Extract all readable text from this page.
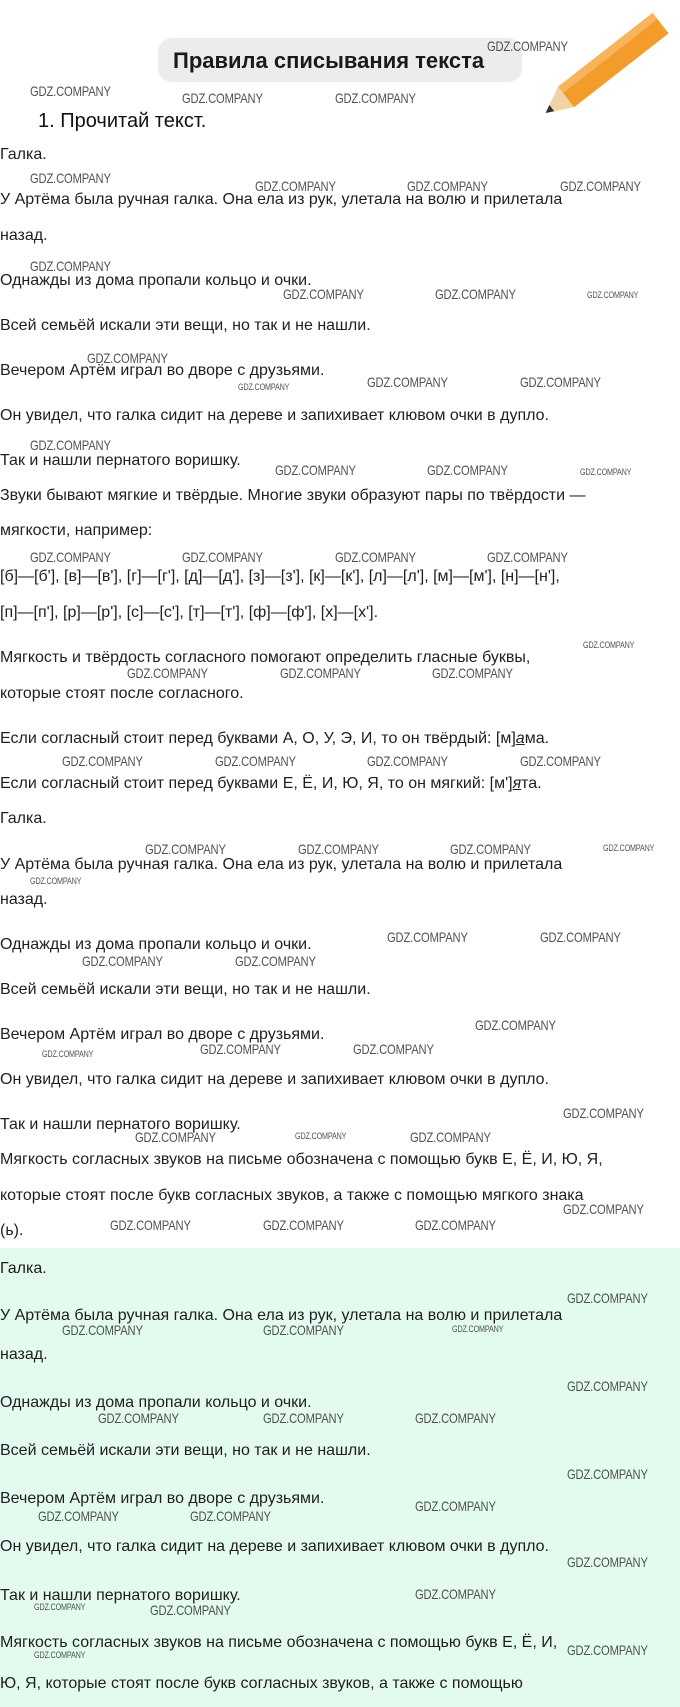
Правила списывания текста
1. Прочитай текст.
Галка.
У Артёма была ручная галка. Она ела из рук, улетала на волю и прилетала
назад.
Однажды из дома пропали кольцо и очки.
Всей семьёй искали эти вещи, но так и не нашли.
Вечером Артём играл во дворе с друзьями.
Он увидел, что галка сидит на дереве и запихивает клювом очки в дупло.
Так и нашли пернатого воришку.
Звуки бывают мягкие и твёрдые. Многие звуки образуют пары по твёрдости —
мягкости, например:
[б]—[б'], [в]—[в'], [г]—[г'], [д]—[д'], [з]—[з'], [к]—[к'], [л]—[л'], [м]—[м'], [н]—[н'],
[п]—[п'], [р]—[р'], [с]—[с'], [т]—[т'], [ф]—[ф'], [х]—[х'].
Мягкость и твёрдость согласного помогают определить гласные буквы,
которые стоят после согласного.
Если согласный стоит перед буквами А, О, У, Э, И, то он твёрдый: [м]ама.
Если согласный стоит перед буквами Е, Ё, И, Ю, Я, то он мягкий: [м']ята.
Галка.
У Артёма была ручная галка. Она ела из рук, улетала на волю и прилетала
назад.
Однажды из дома пропали кольцо и очки.
Всей семьёй искали эти вещи, но так и не нашли.
Вечером Артём играл во дворе с друзьями.
Он увидел, что галка сидит на дереве и запихивает клювом очки в дупло.
Так и нашли пернатого воришку.
Мягкость согласных звуков на письме обозначена с помощью букв Е, Ё, И, Ю, Я,
которые стоят после букв согласных звуков, а также с помощью мягкого знака
(ь).
Галка.
У Артёма была ручная галка. Она ела из рук, улетала на волю и прилетала
назад.
Однажды из дома пропали кольцо и очки.
Всей семьёй искали эти вещи, но так и не нашли.
Вечером Артём играл во дворе с друзьями.
Он увидел, что галка сидит на дереве и запихивает клювом очки в дупло.
Так и нашли пернатого воришку.
Мягкость согласных звуков на письме обозначена с помощью букв Е, Ё, И,
Ю, Я, которые стоят после букв согласных звуков, а также с помощью
GDZ.COMPANY
GDZ.COMPANY	GDZ.COMPANY	GDZ.COMPANY
GDZ.COMPANY	GDZ.COMPANY	GDZ.COMPANY	GDZ.COMPANY
GDZ.COMPANY
GDZ.COMPANY	GDZ.COMPANY	GDZ.COMPANY
GDZ.COMPANY
GDZ.COMPANY	GDZ.COMPANY	GDZ.COMPANY
GDZ.COMPANY
GDZ.COMPANY	GDZ.COMPANY	GDZ.COMPANY
GDZ.COMPANY	GDZ.COMPANY	GDZ.COMPANY	GDZ.COMPANY
GDZ.COMPANY
GDZ.COMPANY	GDZ.COMPANY	GDZ.COMPANY
GDZ.COMPANY	GDZ.COMPANY	GDZ.COMPANY	GDZ.COMPANY
GDZ.COMPANY	GDZ.COMPANY	GDZ.COMPANY	GDZ.COMPANY
GDZ.COMPANY
GDZ.COMPANY	GDZ.COMPANY
GDZ.COMPANY	GDZ.COMPANY
GDZ.COMPANY
GDZ.COMPANY	GDZ.COMPANY	GDZ.COMPANY
GDZ.COMPANY
GDZ.COMPANY	GDZ.COMPANY	GDZ.COMPANY
GDZ.COMPANY
GDZ.COMPANY	GDZ.COMPANY	GDZ.COMPANY
GDZ.COMPANY
GDZ.COMPANY	GDZ.COMPANY	GDZ.COMPANY
GDZ.COMPANY
GDZ.COMPANY	GDZ.COMPANY	GDZ.COMPANY
GDZ.COMPANY
GDZ.COMPANY	GDZ.COMPANY
GDZ.COMPANY
GDZ.COMPANY
GDZ.COMPANY	GDZ.COMPANY
GDZ.COMPANY
GDZ.COMPANY
GDZ.COMPANY
